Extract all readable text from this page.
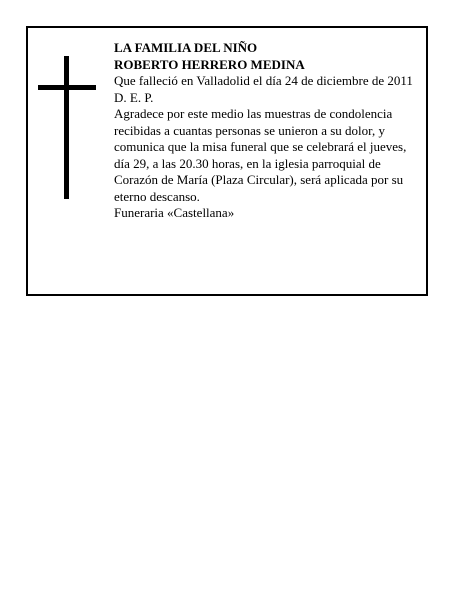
LA FAMILIA DEL NIÑO

ROBERTO HERRERO MEDINA

Que falleció en Valladolid el día 24 de diciembre de 2011

D. E. P.

Agradece por este medio las muestras de condolencia recibidas a cuantas personas se unieron a su dolor, y comunica que la misa funeral que se celebrará el jueves, día 29, a las 20.30 horas, en la iglesia parroquial de Corazón de María (Plaza Circular), será aplicada por su eterno descanso.

Funeraria «Castellana»
